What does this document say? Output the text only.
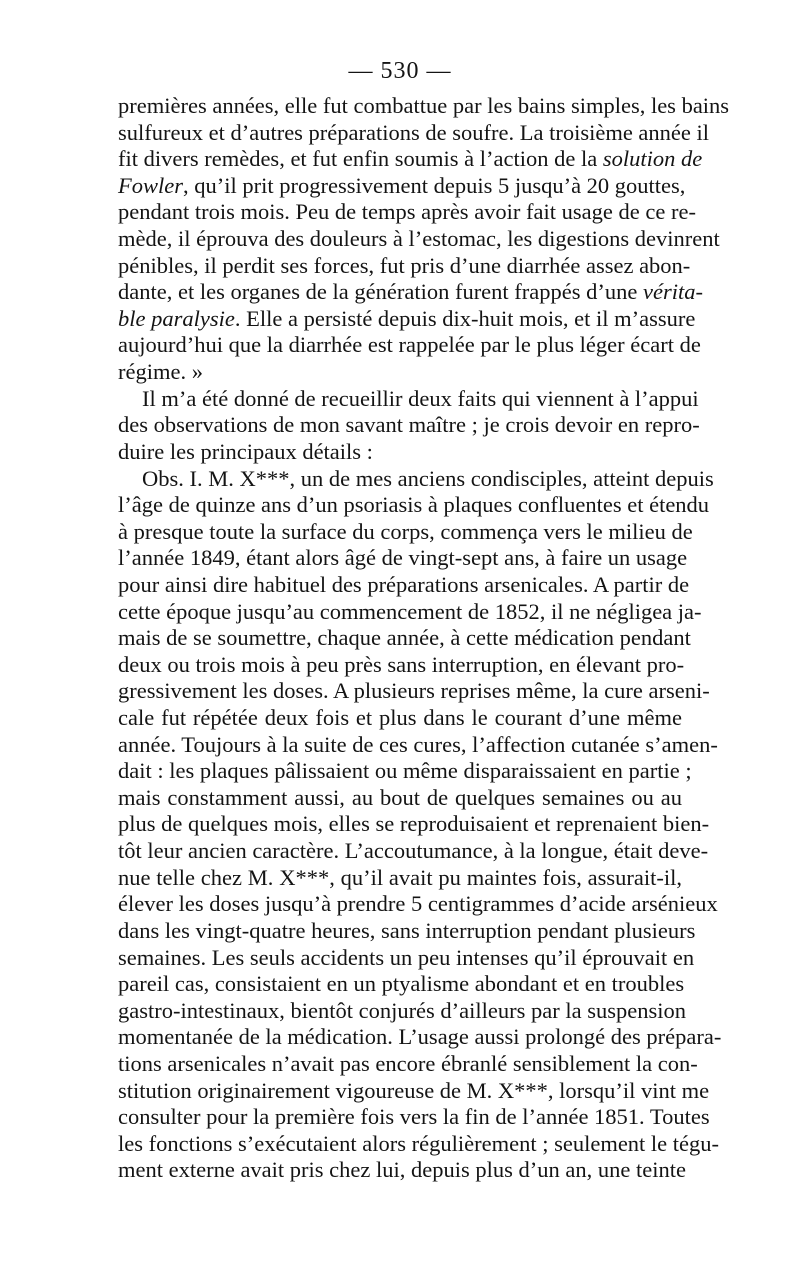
— 530 —
premières années, elle fut combattue par les bains simples, les bains
sulfureux et d’autres préparations de soufre. La troisième année il
fit divers remèdes, et fut enfin soumis à l’action de la solution de
Fowler, qu’il prit progressivement depuis 5 jusqu’à 20 gouttes,
pendant trois mois. Peu de temps après avoir fait usage de ce re-
mède, il éprouva des douleurs à l’estomac, les digestions devinrent
pénibles, il perdit ses forces, fut pris d’une diarrhée assez abon-
dante, et les organes de la génération furent frappés d’une vérita-
ble paralysie. Elle a persisté depuis dix-huit mois, et il m’assure
aujourd’hui que la diarrhée est rappelée par le plus léger écart de
régime. »
Il m’a été donné de recueillir deux faits qui viennent à l’appui
des observations de mon savant maître ; je crois devoir en repro-
duire les principaux détails :
Obs. I. M. X***, un de mes anciens condisciples, atteint depuis
l’âge de quinze ans d’un psoriasis à plaques confluentes et étendu
à presque toute la surface du corps, commença vers le milieu de
l’année 1849, étant alors âgé de vingt-sept ans, à faire un usage
pour ainsi dire habituel des préparations arsenicales. A partir de
cette époque jusqu’au commencement de 1852, il ne négligea ja-
mais de se soumettre, chaque année, à cette médication pendant
deux ou trois mois à peu près sans interruption, en élevant pro-
gressivement les doses. A plusieurs reprises même, la cure arseni-
cale fut répétée deux fois et plus dans le courant d’une même
année. Toujours à la suite de ces cures, l’affection cutanée s’amen-
dait : les plaques pâlissaient ou même disparaissaient en partie ;
mais constamment aussi, au bout de quelques semaines ou au
plus de quelques mois, elles se reproduisaient et reprenaient bien-
tôt leur ancien caractère. L’accoutumance, à la longue, était deve-
nue telle chez M. X***, qu’il avait pu maintes fois, assurait-il,
élever les doses jusqu’à prendre 5 centigrammes d’acide arsénieux
dans les vingt-quatre heures, sans interruption pendant plusieurs
semaines. Les seuls accidents un peu intenses qu’il éprouvait en
pareil cas, consistaient en un ptyalisme abondant et en troubles
gastro-intestinaux, bientôt conjurés d’ailleurs par la suspension
momentanée de la médication. L’usage aussi prolongé des prépara-
tions arsenicales n’avait pas encore ébranlé sensiblement la con-
stitution originairement vigoureuse de M. X***, lorsqu’il vint me
consulter pour la première fois vers la fin de l’année 1851. Toutes
les fonctions s’exécutaient alors régulièrement ; seulement le tégu-
ment externe avait pris chez lui, depuis plus d’un an, une teinte
